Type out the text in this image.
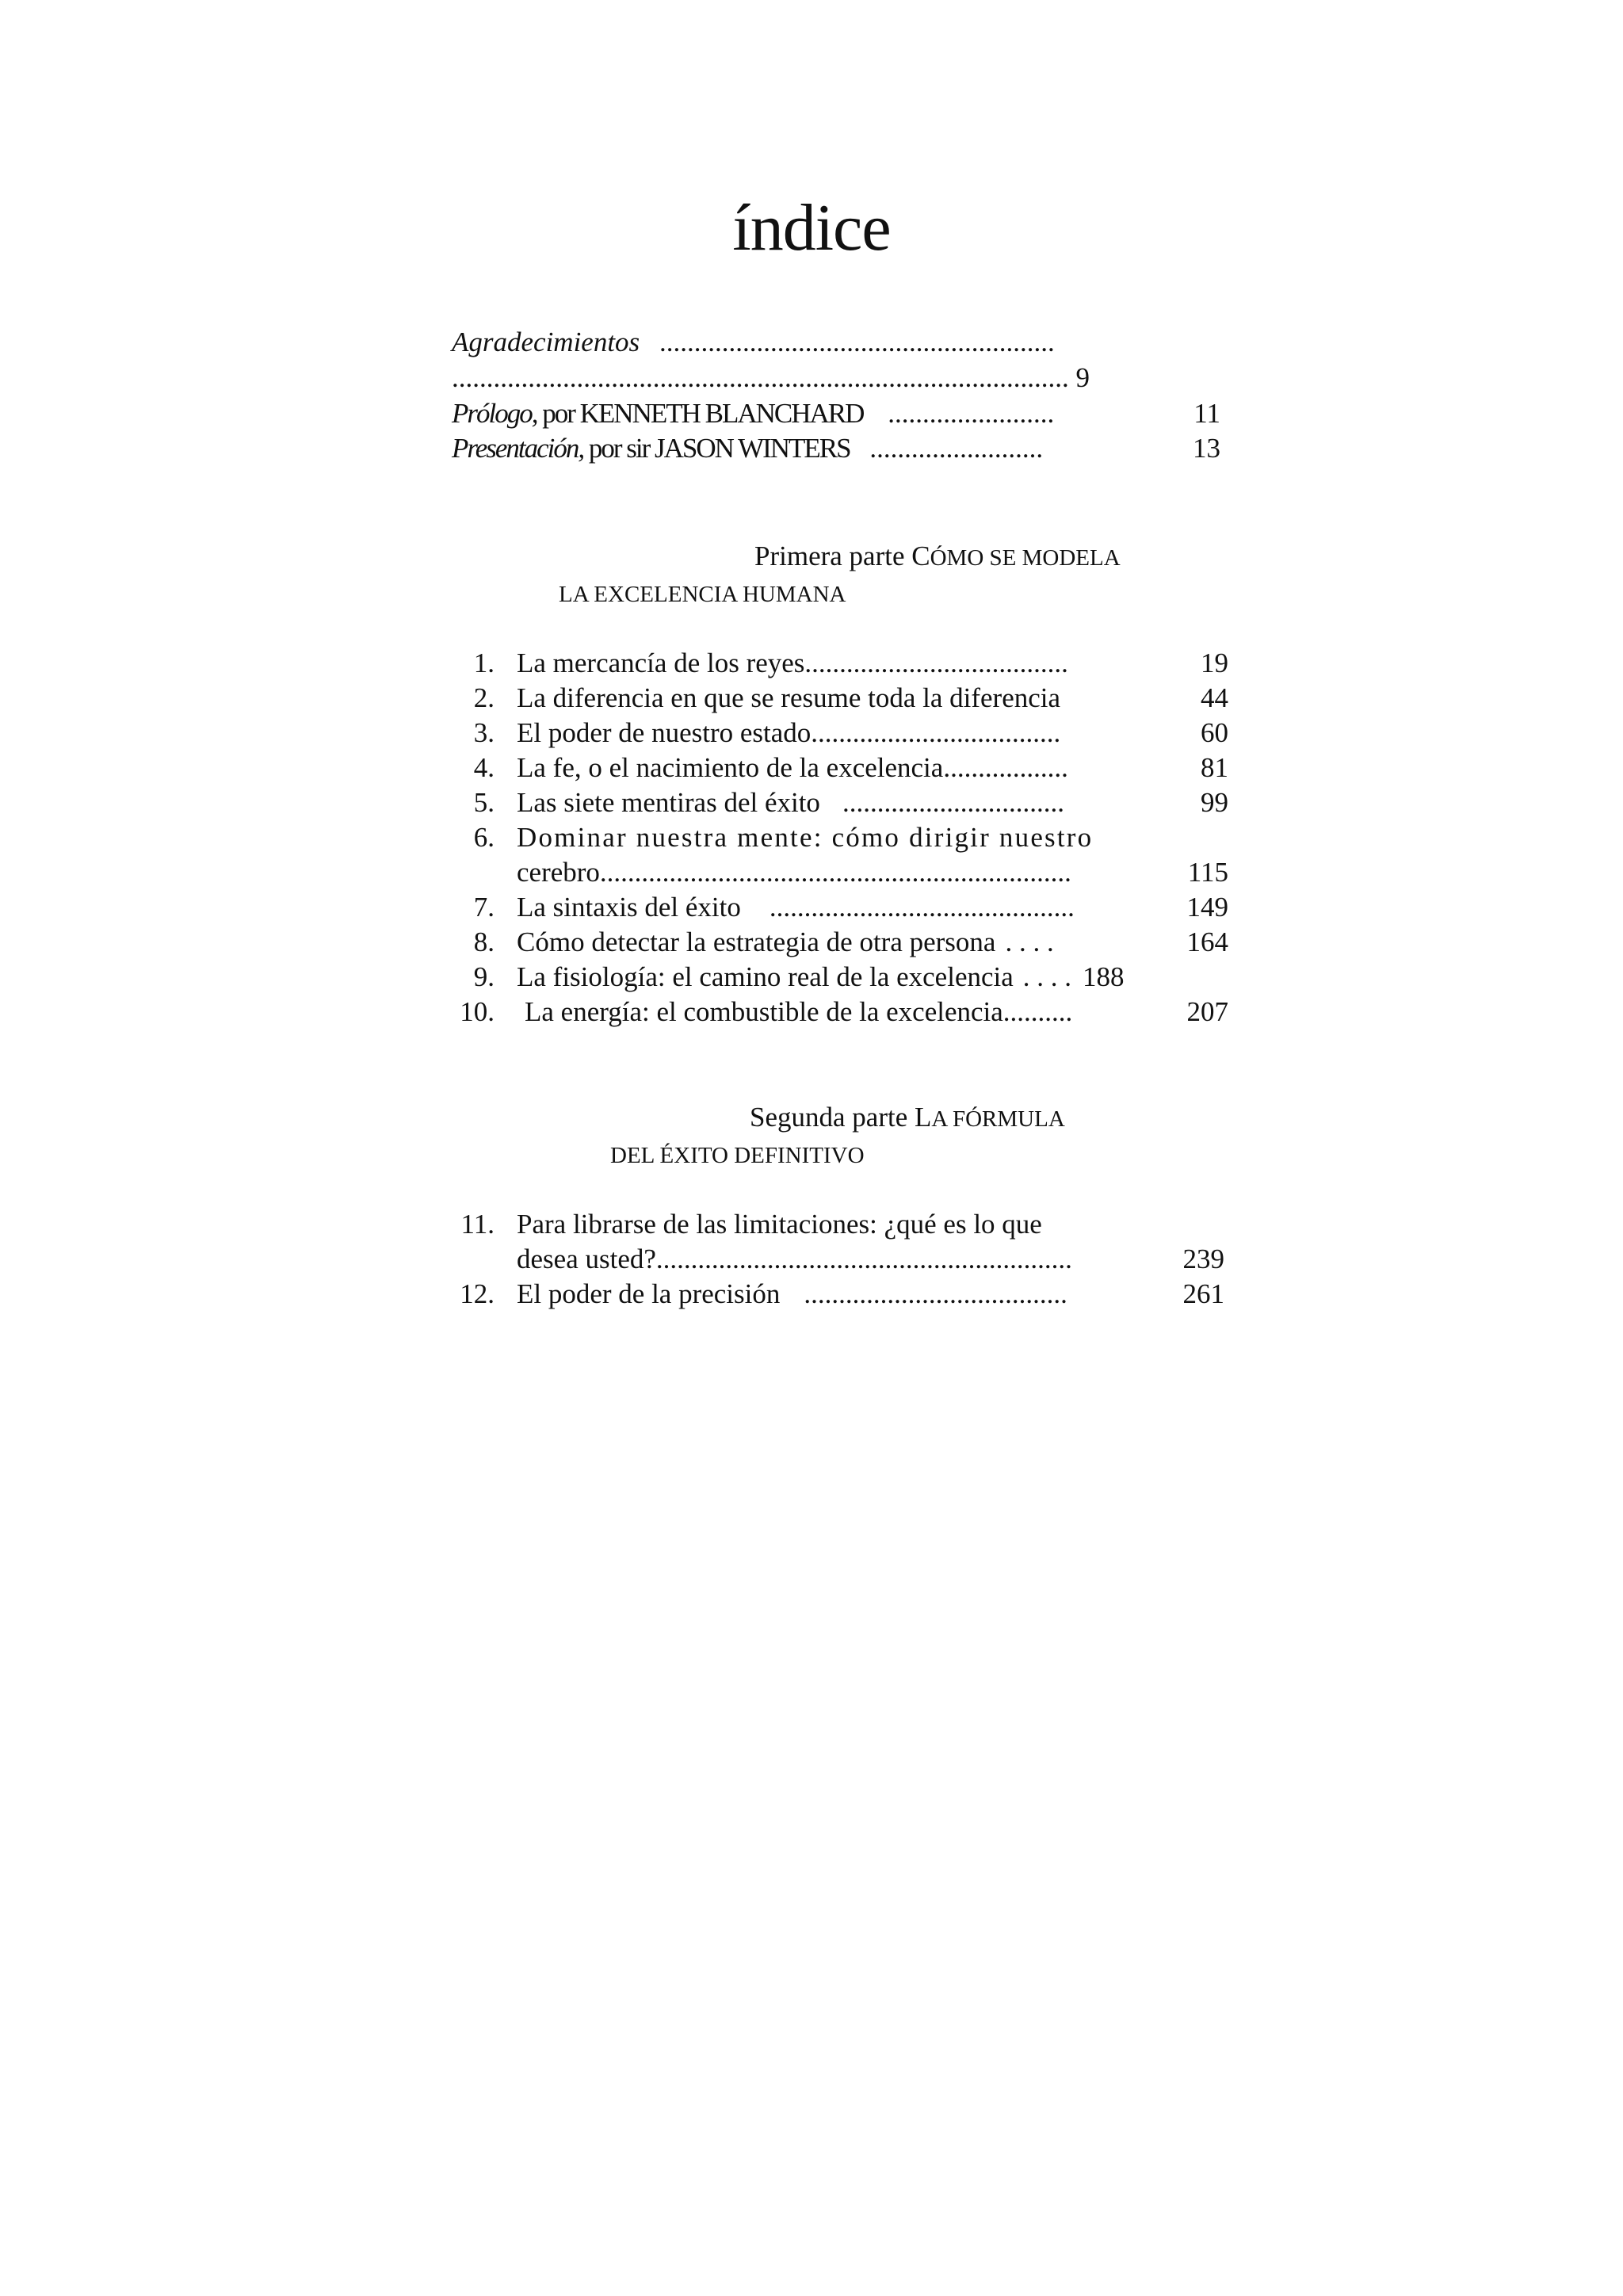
índice
Agradecimientos .........................................................
......................................................................................... 9
Prólogo, por KENNETH BLANCHARD ........................	11
Presentación, por sir JASON WINTERS .........................	13
Primera parte CÓMO SE MODELA
LA EXCELENCIA HUMANA
1. La mercancía de los reyes......................................	19
2. La diferencia en que se resume toda la diferencia	44
3. El poder de nuestro estado....................................	60
4. La fe, o el nacimiento de la excelencia..................	81
5. Las siete mentiras del éxito ................................	99
6. Dominar nuestra mente: cómo dirigir nuestro
cerebro....................................................................	115
7. La sintaxis del éxito ............................................	149
8. Cómo detectar la estrategia de otra persona . . . .	164
9. La fisiología: el camino real de la excelencia . . . . 188
10. La energía: el combustible de la excelencia..........	207
Segunda parte LA FÓRMULA
DEL ÉXITO DEFINITIVO
11. Para librarse de las limitaciones: ¿qué es lo que
desea usted?............................................................	239
12. El poder de la precisión ......................................	261
